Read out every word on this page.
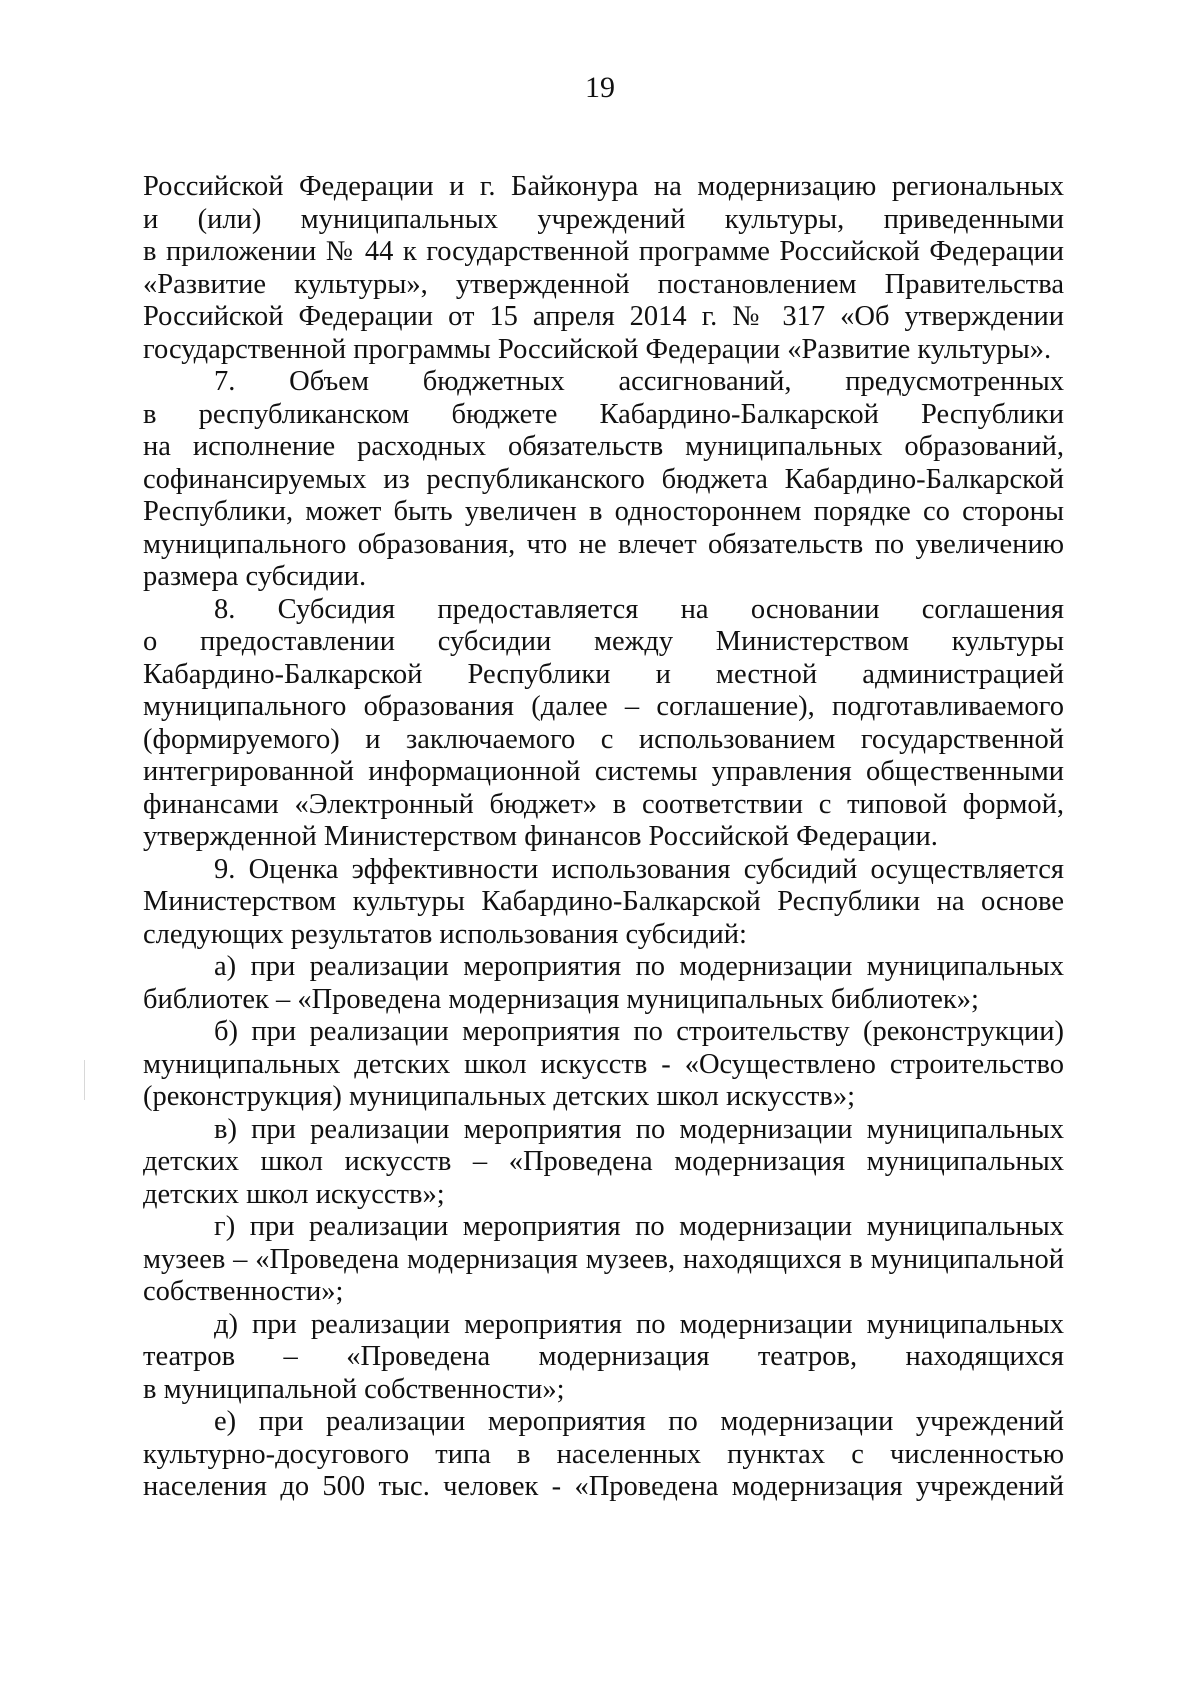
19

Российской Федерации и г. Байконура на модернизацию региональных

и (или) муниципальных учреждений культуры, приведенными

в приложении № 44 к государственной программе Российской Федерации

«Развитие культуры», утвержденной постановлением Правительства

Российской Федерации от 15 апреля 2014 г. № 317 «Об утверждении

государственной программы Российской Федерации «Развитие культуры».

7. Объем бюджетных ассигнований, предусмотренных

в республиканском бюджете Кабардино-Балкарской Республики

на исполнение расходных обязательств муниципальных образований,

софинансируемых из республиканского бюджета Кабардино-Балкарской

Республики, может быть увеличен в одностороннем порядке со стороны

муниципального образования, что не влечет обязательств по увеличению

размера субсидии.

8. Субсидия предоставляется на основании соглашения

о предоставлении субсидии между Министерством культуры

Кабардино-Балкарской Республики и местной администрацией

муниципального образования (далее – соглашение), подготавливаемого

(формируемого) и заключаемого с использованием государственной

интегрированной информационной системы управления общественными

финансами «Электронный бюджет» в соответствии с типовой формой,

утвержденной Министерством финансов Российской Федерации.

9. Оценка эффективности использования субсидий осуществляется

Министерством культуры Кабардино-Балкарской Республики на основе

следующих результатов использования субсидий:

а) при реализации мероприятия по модернизации муниципальных

библиотек – «Проведена модернизация муниципальных библиотек»;

б) при реализации мероприятия по строительству (реконструкции)

муниципальных детских школ искусств - «Осуществлено строительство

(реконструкция) муниципальных детских школ искусств»;

в) при реализации мероприятия по модернизации муниципальных

детских школ искусств – «Проведена модернизация муниципальных

детских школ искусств»;

г) при реализации мероприятия по модернизации муниципальных

музеев – «Проведена модернизация музеев, находящихся в муниципальной

собственности»;

д) при реализации мероприятия по модернизации муниципальных

театров – «Проведена модернизация театров, находящихся

в муниципальной собственности»;

е) при реализации мероприятия по модернизации учреждений

культурно-досугового типа в населенных пунктах с численностью

населения до 500 тыс. человек - «Проведена модернизация учреждений
